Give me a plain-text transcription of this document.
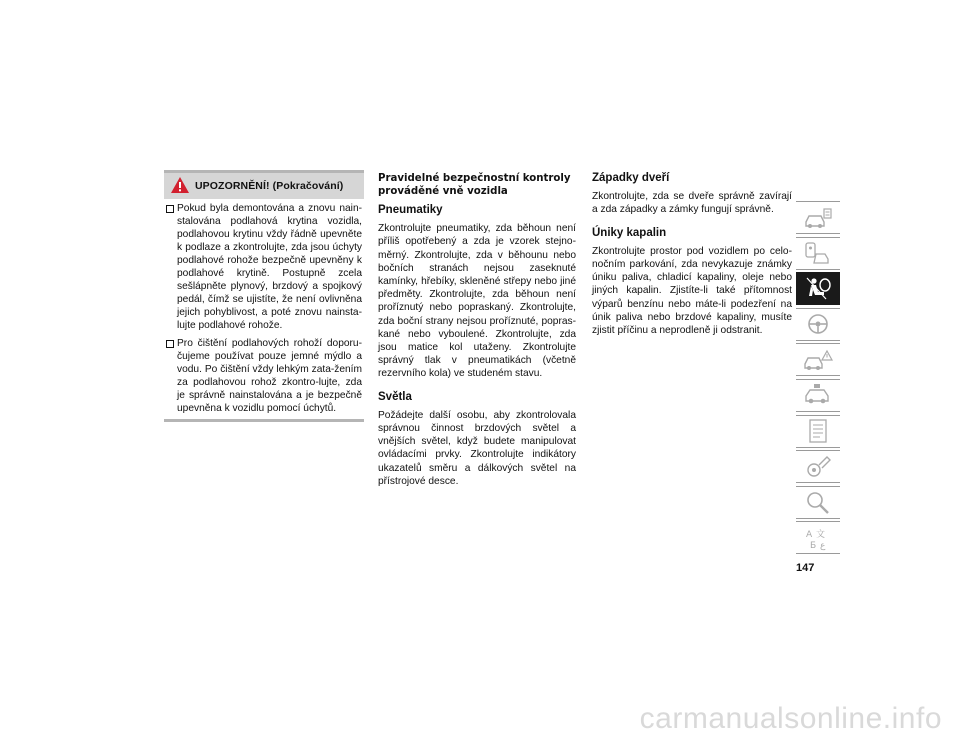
UPOZORNĚNÍ! (Pokračování)
Pokud byla demontována a znovu nain-stalována podlahová krytina vozidla, podlahovou krytinu vždy řádně upevněte k podlaze a zkontrolujte, zda jsou úchyty podlahové rohože bezpečně upevněny k podlahové krytině. Postupně zcela sešlápněte plynový, brzdový a spojkový pedál, čímž se ujistíte, že není ovlivněna jejich pohyblivost, a poté znovu nainsta-lujte podlahové rohože.
Pro čištění podlahových rohoží doporu-čujeme používat pouze jemné mýdlo a vodu. Po čištění vždy lehkým zata-žením za podlahovou rohož zkontro-lujte, zda je správně nainstalována a je bezpečně upevněna k vozidlu pomocí úchytů.
Pravidelné bezpečnostní kontroly prováděné vně vozidla
Pneumatiky

Zkontrolujte pneumatiky, zda běhoun není příliš opotřebený a zda je vzorek stejno-měrný. Zkontrolujte, zda v běhounu nebo bočních stranách nejsou zaseknuté kamínky, hřebíky, skleněné střepy nebo jiné předměty. Zkontrolujte, zda běhoun není proříznutý nebo popraskaný. Zkontrolujte, zda boční strany nejsou proříznuté, popras-kané nebo vyboulené. Zkontrolujte, zda jsou matice kol utaženy. Zkontrolujte správný tlak v pneumatikách (včetně rezervního kola) ve studeném stavu.

Světla

Požádejte další osobu, aby zkontrolovala správnou činnost brzdových světel a vnějších světel, když budete manipulovat ovládacími prvky. Zkontrolujte indikátory ukazatelů směru a dálkových světel na přístrojové desce.

Západky dveří

Zkontrolujte, zda se dveře správně zavírají a zda západky a zámky fungují správně.

Úniky kapalin

Zkontrolujte prostor pod vozidlem po celo-nočním parkování, zda nevykazuje známky úniku paliva, chladicí kapaliny, oleje nebo jiných kapalin. Zjistíte-li také přítomnost výparů benzínu nebo máte-li podezření na únik paliva nebo brzdové kapaliny, musíte zjistit příčinu a neprodleně ji odstranit.

A 文
Б ع
147
carmanualsonline.info
